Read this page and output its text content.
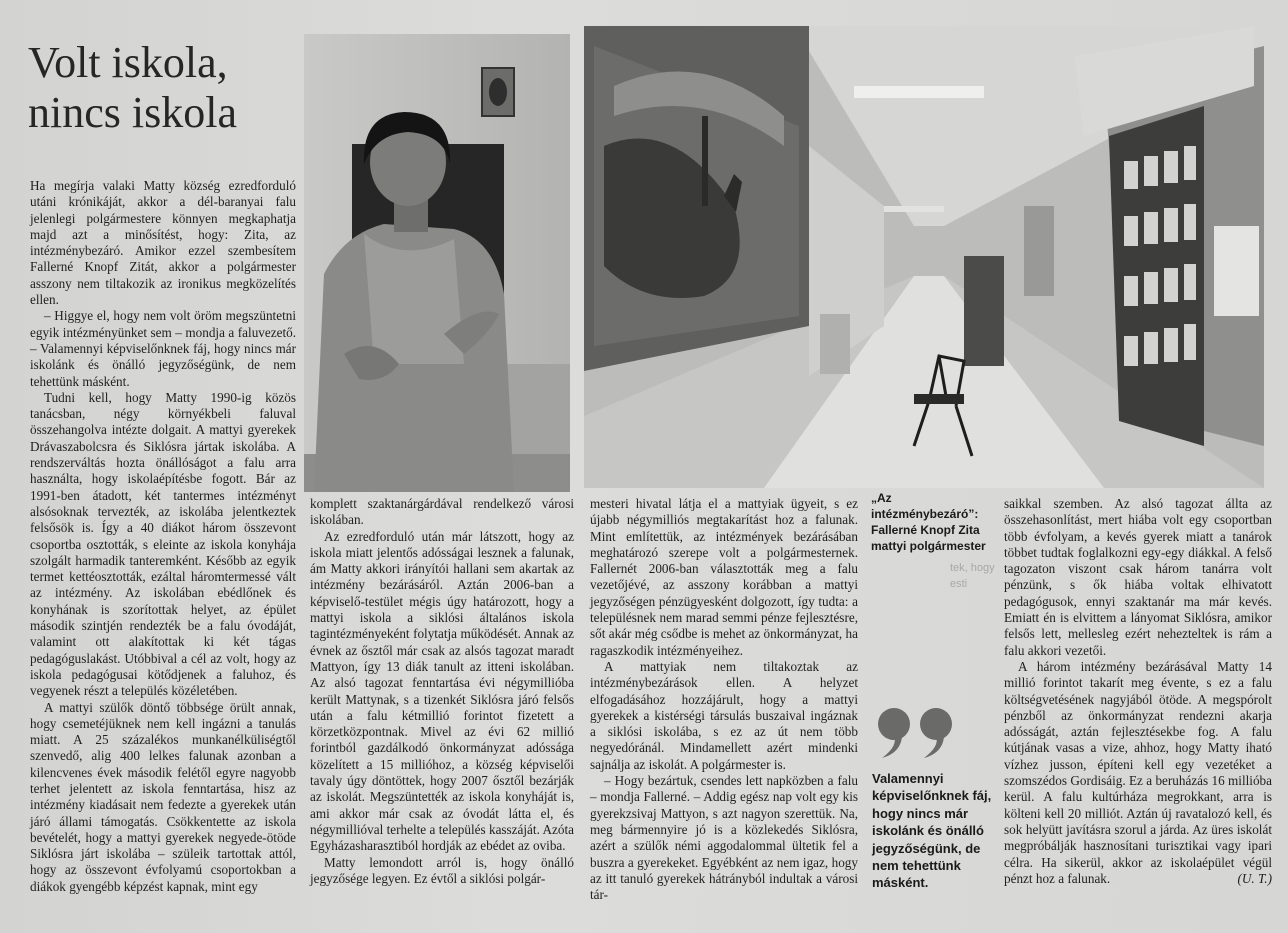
Volt iskola,
nincs iskola

Ha megírja valaki Matty község ezredforduló utáni krónikáját, akkor a dél-baranyai falu jelenlegi polgármestere könnyen megkaphatja majd azt a minősítést, hogy: Zita, az intézménybezáró. Amikor ezzel szembesítem Fallerné Knopf Zitát, akkor a polgármester asszony nem tiltakozik az ironikus megközelítés ellen.

– Higgye el, hogy nem volt öröm megszüntetni egyik intézményünket sem – mondja a faluvezető. – Valamennyi képviselőnknek fáj, hogy nincs már iskolánk és önálló jegyzőségünk, de nem tehettünk másként.

Tudni kell, hogy Matty 1990-ig közös tanácsban, négy környékbeli faluval összehangolva intézte dolgait. A mattyi gyerekek Drávaszabolcsra és Siklósra jártak iskolába. A rendszerváltás hozta önállóságot a falu arra használta, hogy iskolaépítésbe fogott. Bár az 1991-ben átadott, két tantermes intézményt alsósoknak tervezték, az iskolába jelentkeztek felsősök is. Így a 40 diákot három összevont csoportba osztották, s eleinte az iskola konyhája szolgált harmadik tanteremként. Később az egyik termet kettéosztották, ezáltal háromtermessé vált az intézmény. Az iskolában ebédlőnek és konyhának is szorítottak helyet, az épület második szintjén rendezték be a falu óvodáját, valamint ott alakítottak ki két tágas pedagóguslakást. Utóbbival a cél az volt, hogy az iskola pedagógusai kötődjenek a faluhoz, és vegyenek részt a település közéletében.

A mattyi szülők döntő többsége örült annak, hogy csemetéjüknek nem kell ingázni a tanulás miatt. A 25 százalékos munkanélküliségtől szenvedő, alig 400 lelkes falunak azonban a kilencvenes évek második felétől egyre nagyobb terhet jelentett az iskola fenntartása, hisz az intézmény kiadásait nem fedezte a gyerekek után járó állami támogatás. Csökkentette az iskola bevételét, hogy a mattyi gyerekek negyede-ötöde Siklósra járt iskolába – szüleik tartottak attól, hogy az összevont évfolyamú csoportokban a diákok gyengébb képzést kapnak, mint egy

komplett szaktanárgárdával rendelkező városi iskolában.

Az ezredforduló után már látszott, hogy az iskola miatt jelentős adósságai lesznek a falunak, ám Matty akkori irányítói hallani sem akartak az intézmény bezárásáról. Aztán 2006-ban a képviselő-testület mégis úgy határozott, hogy a mattyi iskola a siklósi általános iskola tagintézményeként folytatja működését. Annak az évnek az ősztől már csak az alsós tagozat maradt Mattyon, így 13 diák tanult az itteni iskolában. Az alsó tagozat fenntartása évi négymillióba került Mattynak, s a tizenkét Siklósra járó felsős után a falu kétmillió forintot fizetett a körzetközpontnak. Mivel az évi 62 millió forintból gazdálkodó önkormányzat adóssága közelített a 15 millióhoz, a község képviselői tavaly úgy döntöttek, hogy 2007 ősztől bezárják az iskolát. Megszüntették az iskola konyháját is, ami akkor már csak az óvodát látta el, és négymillióval terhelte a település kasszáját. Azóta Egyházasharasztiból hordják az ebédet az oviba.

Matty lemondott arról is, hogy önálló jegyzősége legyen. Ez évtől a siklósi polgár-

mesteri hivatal látja el a mattyiak ügyeit, s ez újabb négymilliós megtakarítást hoz a falunak. Mint említettük, az intézmények bezárásában meghatározó szerepe volt a polgármesternek. Fallernét 2006-ban választották meg a falu vezetőjévé, az asszony korábban a mattyi jegyzőségen pénzügyesként dolgozott, így tudta: a településnek nem marad semmi pénze fejlesztésre, sőt akár még csődbe is mehet az önkormányzat, ha ragaszkodik intézményeihez.

A mattyiak nem tiltakoztak az intézménybezárások ellen. A helyzet elfogadásához hozzájárult, hogy a mattyi gyerekek a kistérségi társulás buszaival ingáznak a siklósi iskolába, s ez az út nem több negyedóránál. Mindamellett azért mindenki sajnálja az iskolát. A polgármester is.

– Hogy bezártuk, csendes lett napközben a falu – mondja Fallerné. – Addig egész nap volt egy kis gyerekzsivaj Mattyon, s azt nagyon szerettük. Na, meg bármennyire jó is a közlekedés Siklósra, azért a szülők némi aggodalommal ültetik fel a buszra a gyerekeket. Egyébként az nem igaz, hogy az itt tanuló gyerekek hátrányból indultak a városi tár-

„Az intézménybezáró”: Fallerné Knopf Zita mattyi polgármester

tek, hogy esti

Valamennyi képviselőnknek fáj, hogy nincs már iskolánk és önálló jegyzőségünk, de nem tehettünk másként.

saikkal szemben. Az alsó tagozat állta az összehasonlítást, mert hiába volt egy csoportban több évfolyam, a kevés gyerek miatt a tanárok többet tudtak foglalkozni egy-egy diákkal. A felső tagozaton viszont csak három tanárra volt pénzünk, s ők hiába voltak elhivatott pedagógusok, ennyi szaktanár ma már kevés. Emiatt én is elvittem a lányomat Siklósra, amikor felsős lett, mellesleg ezért nehezteltek is rám a falu akkori vezetői.

A három intézmény bezárásával Matty 14 millió forintot takarít meg évente, s ez a falu költségvetésének nagyjából ötöde. A megspórolt pénzből az önkormányzat rendezni akarja adósságát, aztán fejlesztésekbe fog. A falu kútjának vasas a vize, ahhoz, hogy Matty iható vízhez jusson, építeni kell egy vezetéket a szomszédos Gordisáig. Ez a beruházás 16 millióba kerül. A falu kultúrháza megrokkant, arra is költeni kell 20 milliót. Aztán új ravatalozó kell, és sok helyütt javításra szorul a járda. Az üres iskolát megpróbálják hasznosítani turisztikai vagy ipari célra. Ha sikerül, akkor az iskolaépület végül pénzt hoz a falunak.	(U. T.)
